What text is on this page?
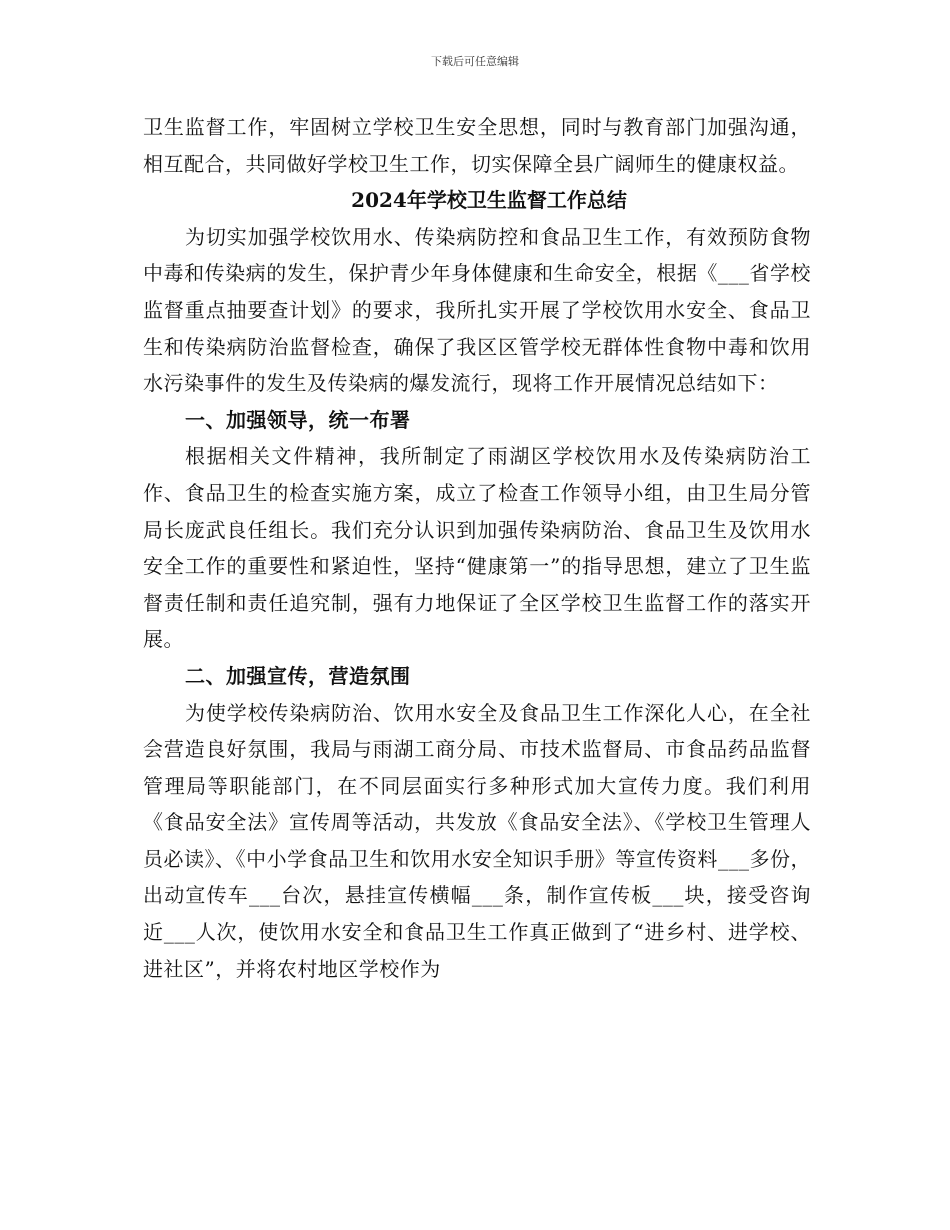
下载后可任意编辑

卫生监督工作，牢固树立学校卫生安全思想，同时与教育部门加强沟通，相互配合，共同做好学校卫生工作，切实保障全县广阔师生的健康权益。

2024年学校卫生监督工作总结

为切实加强学校饮用水、传染病防控和食品卫生工作，有效预防食物中毒和传染病的发生，保护青少年身体健康和生命安全，根据《___省学校监督重点抽要查计划》的要求，我所扎实开展了学校饮用水安全、食品卫生和传染病防治监督检查，确保了我区区管学校无群体性食物中毒和饮用水污染事件的发生及传染病的爆发流行，现将工作开展情况总结如下：

一、加强领导，统一布署

根据相关文件精神，我所制定了雨湖区学校饮用水及传染病防治工作、食品卫生的检查实施方案，成立了检查工作领导小组，由卫生局分管局长庞武良任组长。我们充分认识到加强传染病防治、食品卫生及饮用水安全工作的重要性和紧迫性，坚持“健康第一”的指导思想，建立了卫生监督责任制和责任追究制，强有力地保证了全区学校卫生监督工作的落实开展。

二、加强宣传，营造氛围

为使学校传染病防治、饮用水安全及食品卫生工作深化人心，在全社会营造良好氛围，我局与雨湖工商分局、市技术监督局、市食品药品监督管理局等职能部门，在不同层面实行多种形式加大宣传力度。我们利用《食品安全法》宣传周等活动，共发放《食品安全法》、《学校卫生管理人员必读》、《中小学食品卫生和饮用水安全知识手册》等宣传资料___多份，出动宣传车___台次，悬挂宣传横幅___条，制作宣传板___块，接受咨询近___人次，使饮用水安全和食品卫生工作真正做到了“进乡村、进学校、进社区”，并将农村地区学校作为
